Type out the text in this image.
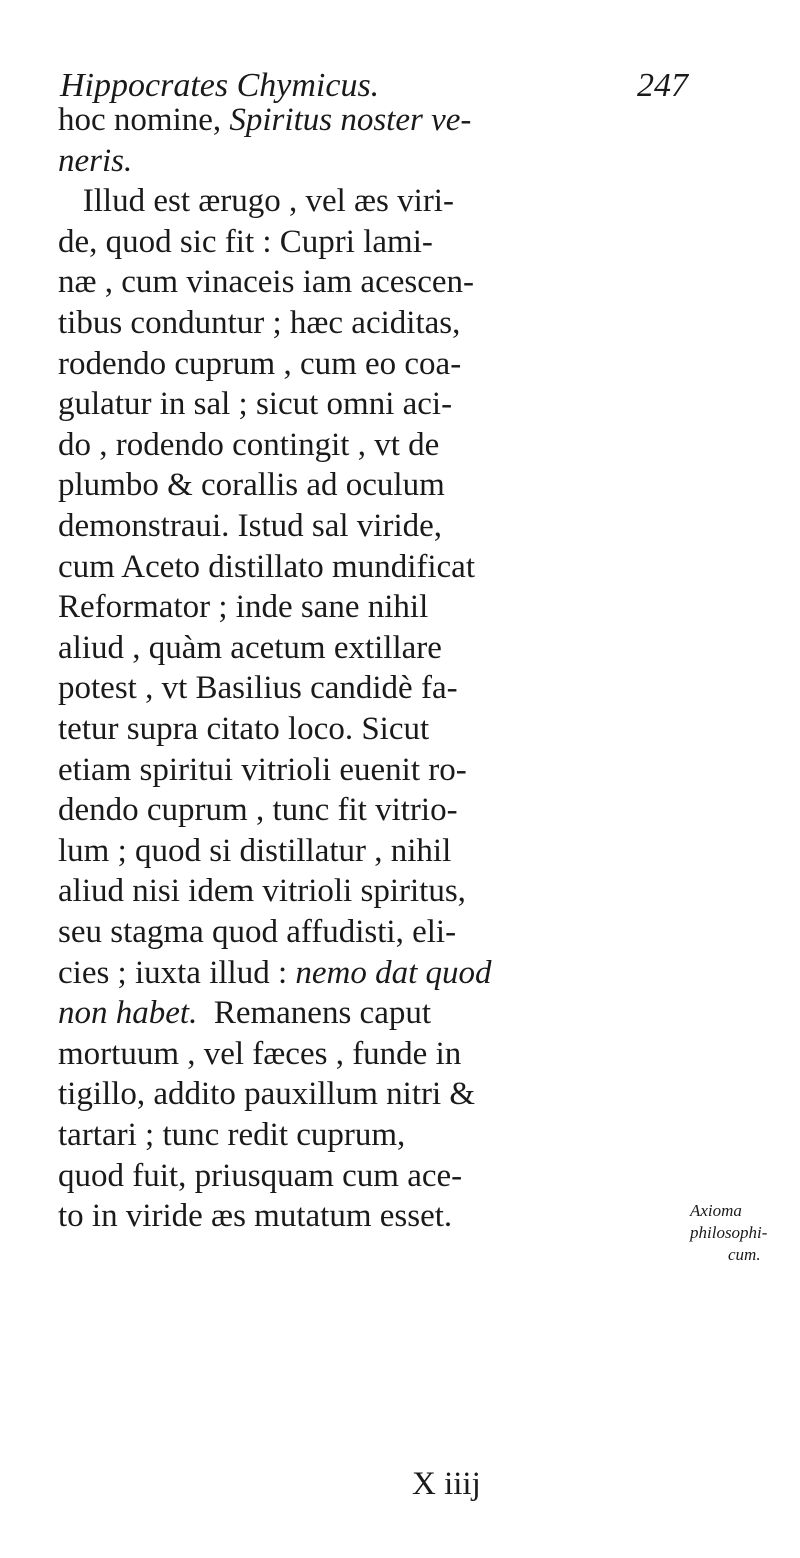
Hippocrates Chymicus.	247
hoc nomine, Spiritus noster ve-
neris.
Illud est ærugo , vel æs viri-
de, quod sic fit : Cupri lami-
næ , cum vinaceis iam acescen-
tibus conduntur ; hæc aciditas,
rodendo cuprum , cum eo coa-
gulatur in sal ; sicut omni aci-
do , rodendo contingit , vt de
plumbo & corallis ad oculum
demonstraui. Istud sal viride,
cum Aceto distillato mundificat
Reformator ; inde sane nihil
aliud , quàm acetum extillare
potest , vt Basilius candidè fa-
tetur supra citato loco. Sicut
etiam spiritui vitrioli euenit ro-
dendo cuprum , tunc fit vitrio-
lum ; quod si distillatur , nihil
aliud nisi idem vitrioli spiritus,
seu stagma quod affudisti, eli-
cies ; iuxta illud : nemo dat quod
non habet.  Remanens caput
mortuum , vel fæces , funde in
tigillo, addito pauxillum nitri &
tartari ; tunc redit cuprum,
quod fuit, priusquam cum ace-
to in viride æs mutatum esset.	Axioma
philosophi-
cum.
X iiij
